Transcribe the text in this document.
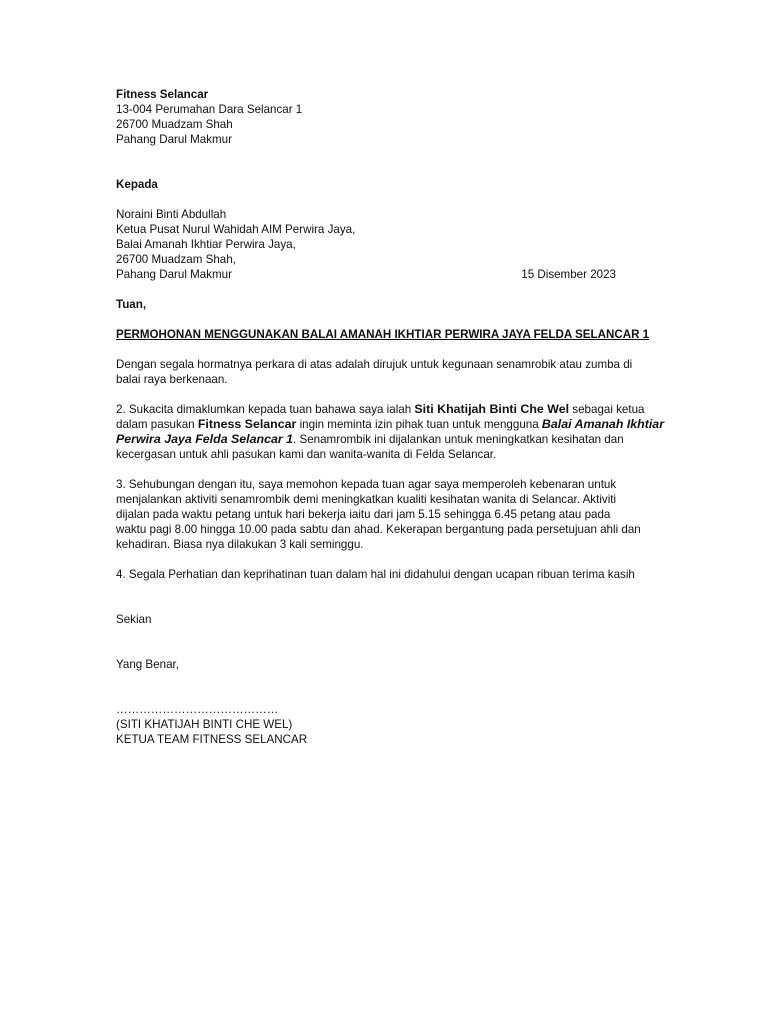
Fitness Selancar
13-004 Perumahan Dara Selancar 1
26700 Muadzam Shah
Pahang Darul Makmur
Kepada
Noraini Binti Abdullah
Ketua Pusat Nurul Wahidah AIM Perwira Jaya,
Balai Amanah Ikhtiar Perwira Jaya,
26700 Muadzam Shah,
Pahang Darul Makmur	15 Disember 2023
Tuan,
PERMOHONAN MENGGUNAKAN BALAI AMANAH IKHTIAR PERWIRA JAYA FELDA SELANCAR 1
Dengan segala hormatnya perkara di atas adalah dirujuk untuk kegunaan senamrobik atau zumba di
balai raya berkenaan.
2. Sukacita dimaklumkan kepada tuan bahawa saya ialah Siti Khatijah Binti Che Wel sebagai ketua
dalam pasukan Fitness Selancar ingin meminta izin pihak tuan untuk mengguna Balai Amanah Ikhtiar
Perwira Jaya Felda Selancar 1. Senamrombik ini dijalankan untuk meningkatkan kesihatan dan
kecergasan untuk ahli pasukan kami dan wanita-wanita di Felda Selancar.
3. Sehubungan dengan itu, saya memohon kepada tuan agar saya memperoleh kebenaran untuk
menjalankan aktiviti senamrombik demi meningkatkan kualiti kesihatan wanita di Selancar. Aktiviti
dijalan pada waktu petang untuk hari bekerja iaitu dari jam 5.15 sehingga 6.45 petang atau pada
waktu pagi 8.00 hingga 10.00 pada sabtu dan ahad. Kekerapan bergantung pada persetujuan ahli dan
kehadiran. Biasa nya dilakukan 3 kali seminggu.
4. Segala Perhatian dan keprihatinan tuan dalam hal ini didahului dengan ucapan ribuan terima kasih
Sekian
Yang Benar,
……………………………………
(SITI KHATIJAH BINTI CHE WEL)
KETUA TEAM FITNESS SELANCAR
